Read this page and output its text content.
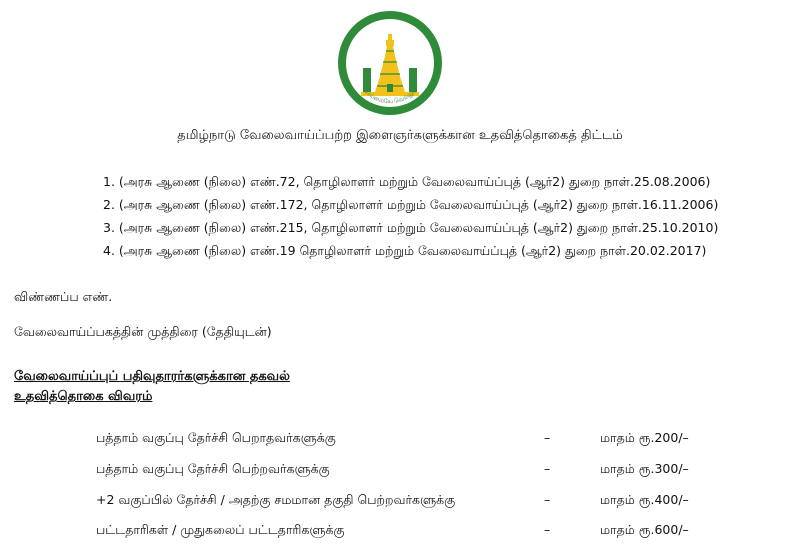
தமிழ்நாடு அரசு
வாய்மையே வெல்லும்
தமிழ்நாடு வேலைவாய்ப்பற்ற இளைஞர்களுக்கான உதவித்தொகைத் திட்டம்
1. (அரசு ஆணை (நிலை) எண்.72, தொழிலாளர் மற்றும் வேலைவாய்ப்புத் (ஆர்2) துறை நாள்.25.08.2006)
2. (அரசு ஆணை (நிலை) எண்.172, தொழிலாளர் மற்றும் வேலைவாய்ப்புத் (ஆர்2) துறை நாள்.16.11.2006)
3. (அரசு ஆணை (நிலை) எண்.215, தொழிலாளர் மற்றும் வேலைவாய்ப்புத் (ஆர்2) துறை நாள்.25.10.2010)
4. (அரசு ஆணை (நிலை) எண்.19 தொழிலாளர் மற்றும் வேலைவாய்ப்புத் (ஆர்2) துறை நாள்.20.02.2017)
விண்ணப்ப எண்.
வேலைவாய்ப்பகத்தின் முத்திரை (தேதியுடன்)
வேலைவாய்ப்புப் பதிவுதாரர்களுக்கான தகவல்
உதவித்தொகை விவரம்
பத்தாம் வகுப்பு தேர்ச்சி பெறாதவர்களுக்கு	–	மாதம் ரூ.200/–
பத்தாம் வகுப்பு தேர்ச்சி பெற்றவர்களுக்கு	–	மாதம் ரூ.300/–
+2 வகுப்பில் தேர்ச்சி / அதற்கு சமமான தகுதி பெற்றவர்களுக்கு	–	மாதம் ரூ.400/–
பட்டதாரிகள் / முதுகலைப் பட்டதாரிகளுக்கு	–	மாதம் ரூ.600/–
